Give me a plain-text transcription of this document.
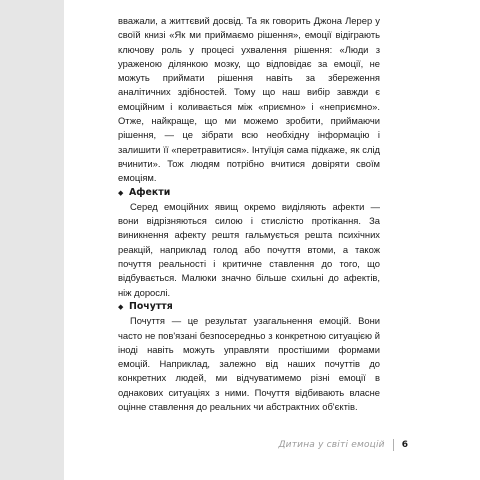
вважали, а життєвий досвід. Та як говорить Джона Лерер у своїй книзі «Як ми приймаємо рішення», емоції відіграють ключову роль у процесі ухвалення рішення: «Люди з ураженою ділянкою мозку, що відповідає за емоції, не можуть приймати рішення навіть за збереження аналітичних здібностей. Тому що наш вибір завжди є емоційним і коливається між «приємно» і «неприємно». Отже, найкраще, що ми можемо зробити, приймаючи рішення, — це зібрати всю необхідну інформацію і залишити її «перетравитися». Інтуїція сама підкаже, як слід вчинити». Тож людям потрібно вчитися довіряти своїм емоціям.

◆ Афекти

Серед емоційних явищ окремо виділяють афекти — вони відрізняються силою і стислістю протікання. За виникнення афекту рештя гальмується решта психічних реакцій, наприклад голод або почуття втоми, а також почуття реальності і критичне ставлення до того, що відбувається. Малюки значно більше схильні до афектів, ніж дорослі.

◆ Почуття

Почуття — це результат узагальнення емоцій. Вони часто не пов'язані безпосередньо з конкретною ситуацією й іноді навіть можуть управляти простішими формами емоцій. Наприклад, залежно від наших почуттів до конкретних людей, ми відчуватимемо різні емоції в однакових ситуаціях з ними. Почуття відбивають власне оцінне ставлення до реальних чи абстрактних об'єктів.

Дитина у світі емоцій 6
